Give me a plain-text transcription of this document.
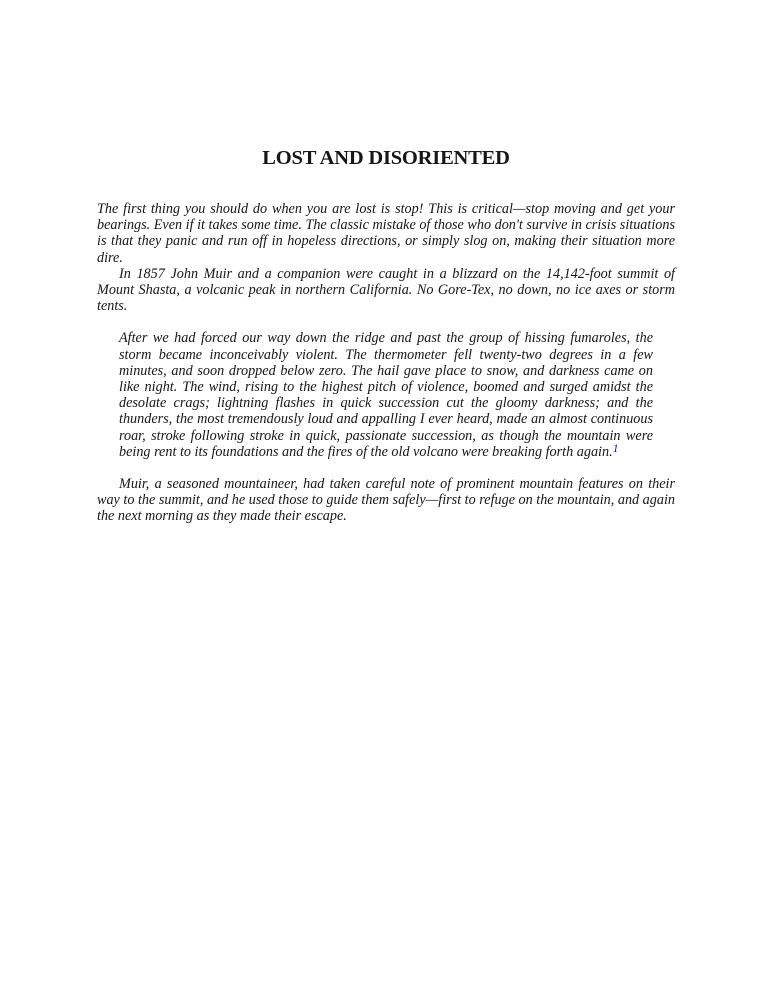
LOST AND DISORIENTED

The first thing you should do when you are lost is stop! This is critical—stop moving and get your bearings. Even if it takes some time. The classic mistake of those who don't survive in crisis situations is that they panic and run off in hopeless directions, or simply slog on, making their situation more dire.

In 1857 John Muir and a companion were caught in a blizzard on the 14,142-foot summit of Mount Shasta, a volcanic peak in northern California. No Gore-Tex, no down, no ice axes or storm tents.

After we had forced our way down the ridge and past the group of hissing fumaroles, the storm became inconceivably violent. The thermometer fell twenty-two degrees in a few minutes, and soon dropped below zero. The hail gave place to snow, and darkness came on like night. The wind, rising to the highest pitch of violence, boomed and surged amidst the desolate crags; lightning flashes in quick succession cut the gloomy darkness; and the thunders, the most tremendously loud and appalling I ever heard, made an almost continuous roar, stroke following stroke in quick, passionate succession, as though the mountain were being rent to its foundations and the fires of the old volcano were breaking forth again.$^1$

Muir, a seasoned mountaineer, had taken careful note of prominent mountain features on their way to the summit, and he used those to guide them safely—first to refuge on the mountain, and again the next morning as they made their escape.
